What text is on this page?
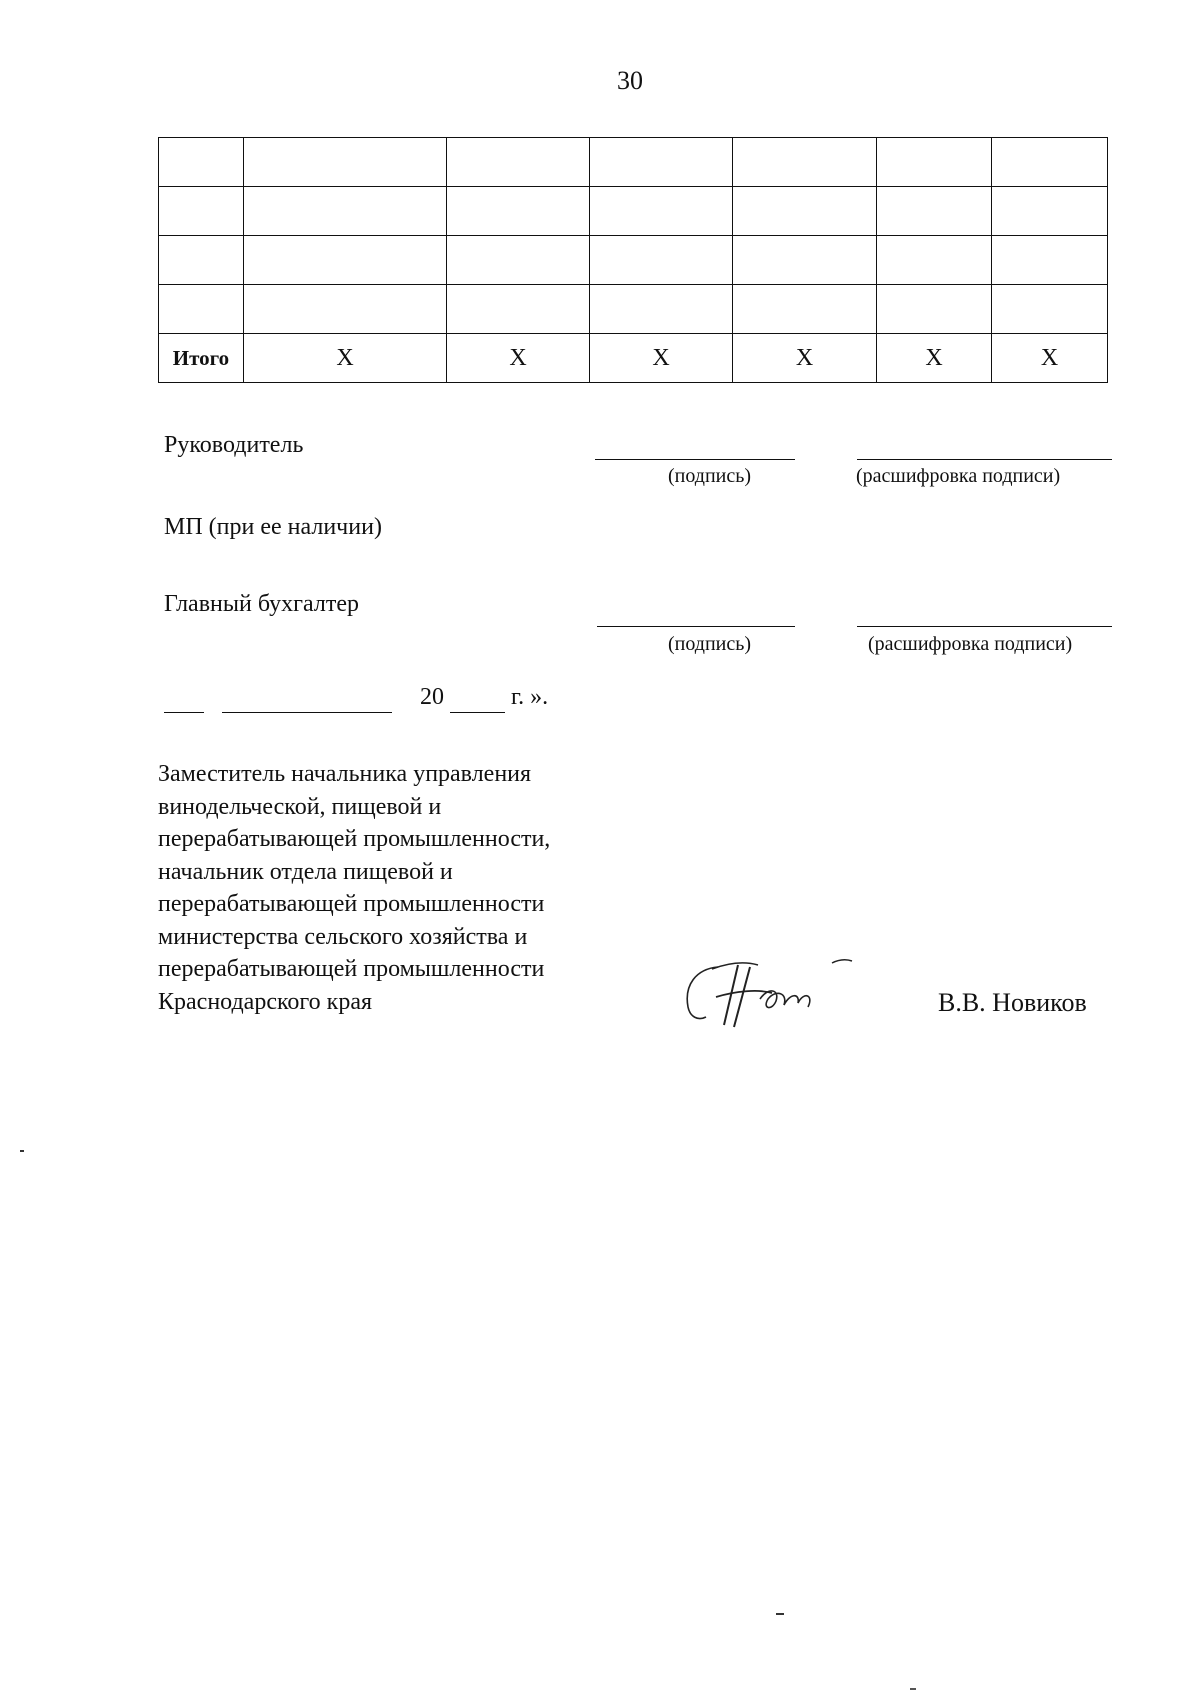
30

Итого	Х	Х	Х	Х	Х	Х
Руководитель
(подпись)	(расшифровка подписи)
МП (при ее наличии)
Главный бухгалтер
(подпись)	(расшифровка подписи)
20	г. ».
Заместитель начальника управления
винодельческой, пищевой и
перерабатывающей промышленности,
начальник отдела пищевой и
перерабатывающей промышленности
министерства сельского хозяйства и
перерабатывающей промышленности
Краснодарского края	В.В. Новиков
